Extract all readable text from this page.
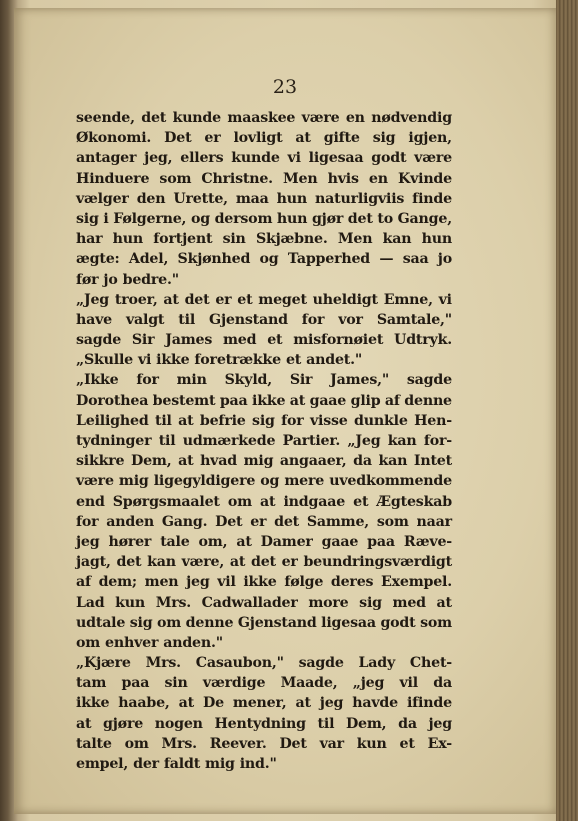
23
seende, det kunde maaskee være en nødvendig
Økonomi. Det er lovligt at gifte sig igjen,
antager jeg, ellers kunde vi ligesaa godt være
Hinduere som Christne. Men hvis en Kvinde
vælger den Urette, maa hun naturligviis finde
sig i Følgerne, og dersom hun gjør det to Gange,
har hun fortjent sin Skjæbne. Men kan hun
ægte: Adel, Skjønhed og Tapperhed — saa jo
før jo bedre."
„Jeg troer, at det er et meget uheldigt Emne, vi
have valgt til Gjenstand for vor Samtale,"
sagde Sir James med et misfornøiet Udtryk.
„Skulle vi ikke foretrække et andet."
„Ikke for min Skyld, Sir James," sagde
Dorothea bestemt paa ikke at gaae glip af denne
Leilighed til at befrie sig for visse dunkle Hen-
tydninger til udmærkede Partier. „Jeg kan for-
sikkre Dem, at hvad mig angaaer, da kan Intet
være mig ligegyldigere og mere uvedkommende
end Spørgsmaalet om at indgaae et Ægteskab
for anden Gang. Det er det Samme, som naar
jeg hører tale om, at Damer gaae paa Ræve-
jagt, det kan være, at det er beundringsværdigt
af dem; men jeg vil ikke følge deres Exempel.
Lad kun Mrs. Cadwallader more sig med at
udtale sig om denne Gjenstand ligesaa godt som
om enhver anden."
„Kjære Mrs. Casaubon," sagde Lady Chet-
tam paa sin værdige Maade, „jeg vil da
ikke haabe, at De mener, at jeg havde ifinde
at gjøre nogen Hentydning til Dem, da jeg
talte om Mrs. Reever. Det var kun et Ex-
empel, der faldt mig ind."
